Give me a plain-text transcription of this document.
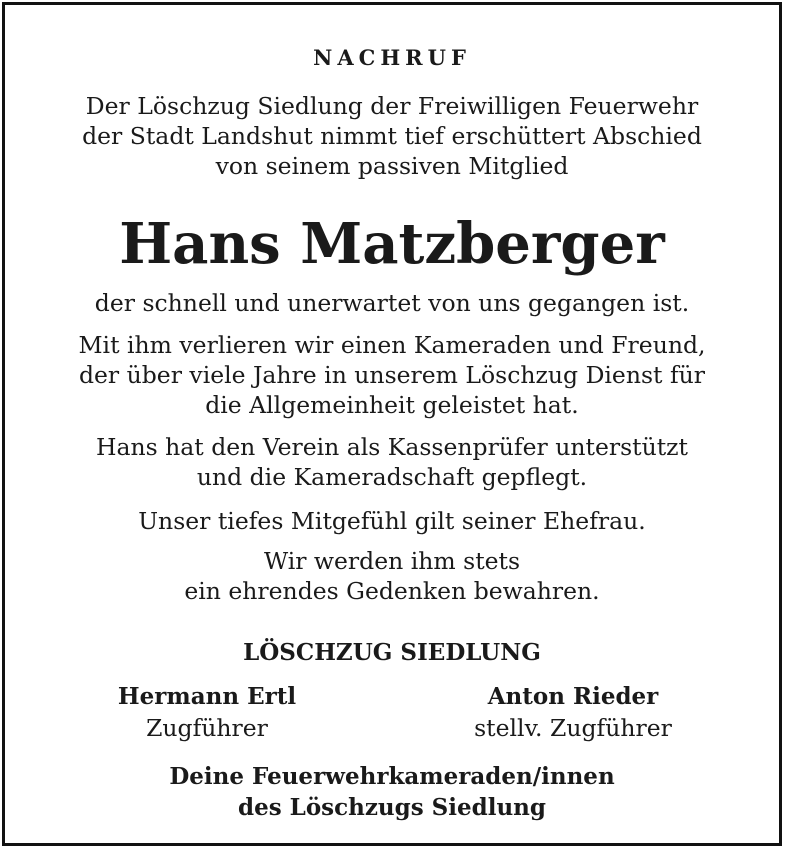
NACHRUF
Der Löschzug Siedlung der Freiwilligen Feuerwehr
der Stadt Landshut nimmt tief erschüttert Abschied
von seinem passiven Mitglied
Hans Matzberger
der schnell und unerwartet von uns gegangen ist.
Mit ihm verlieren wir einen Kameraden und Freund,
der über viele Jahre in unserem Löschzug Dienst für
die Allgemeinheit geleistet hat.
Hans hat den Verein als Kassenprüfer unterstützt
und die Kameradschaft gepflegt.
Unser tiefes Mitgefühl gilt seiner Ehefrau.
Wir werden ihm stets
ein ehrendes Gedenken bewahren.
LÖSCHZUG SIEDLUNG
Hermann Ertl
Zugführer
Anton Rieder
stellv. Zugführer
Deine Feuerwehrkameraden/innen
des Löschzugs Siedlung
